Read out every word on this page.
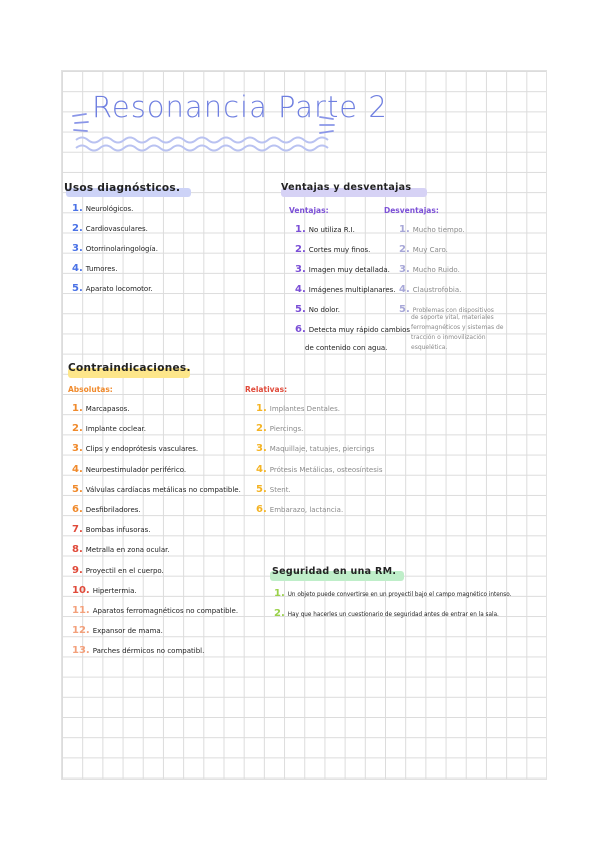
Resonancia Parte 2
Usos diagnósticos.
1. Neurológicos.
2. Cardiovasculares.
3. Otorrinolaringología.
4. Tumores.
5. Aparato locomotor.
Ventajas y desventajas
Ventajas:	Desventajas:
1. No utiliza R.I.
2. Cortes muy finos.
3. Imagen muy detallada.
4. Imágenes multiplanares.
5. No dolor.
6. Detecta muy rápido cambios
de contenido con agua.
1. Mucho tiempo.
2. Muy Caro.
3. Mucho Ruido.
4. Claustrofobia.
5. Problemas con dispositivos
de soporte vital, materiales
ferromagnéticos y sistemas de
tracción o inmovilización
esquelética.
Contraindicaciones.
Absolutas:	Relativas:
1. Marcapasos.
2. Implante coclear.
3. Clips y endoprótesis vasculares.
4. Neuroestimulador periférico.
5. Válvulas cardíacas metálicas no compatible.
6. Desfibriladores.
7. Bombas infusoras.
8. Metralla en zona ocular.
9. Proyectil en el cuerpo.
10. Hipertermia.
11. Aparatos ferromagnéticos no compatible.
12. Expansor de mama.
13. Parches dérmicos no compatibl.
1. Implantes Dentales.
2. Piercings.
3. Maquillaje, tatuajes, piercings
4. Prótesis Metálicas, osteosíntesis
5. Stent.
6. Embarazo, lactancia.
Seguridad en una RM.
1. Un objeto puede convertirse en un proyectil bajo el campo magnético intenso.
2. Hay que hacerles un cuestionario de seguridad antes de entrar en la sala.
